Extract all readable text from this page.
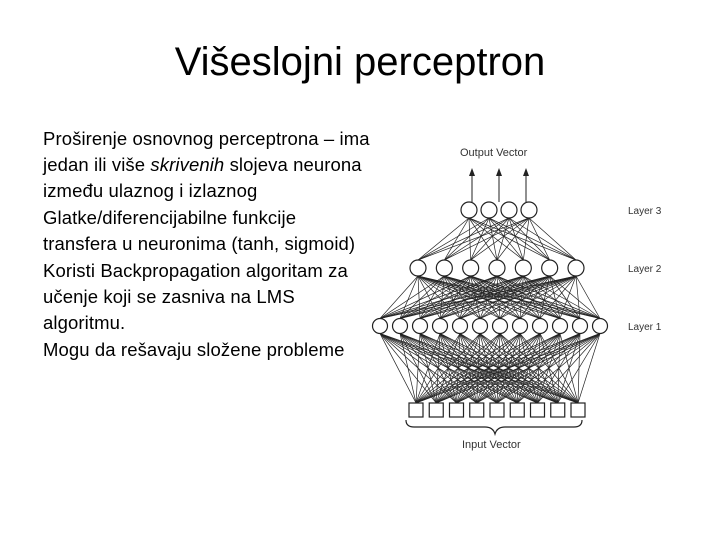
Višeslojni perceptron
Proširenje osnovnog perceptrona – ima jedan ili više skrivenih slojeva neurona između ulaznog i izlaznog
Glatke/diferencijabilne funkcije transfera u neuronima (tanh, sigmoid)
Koristi Backpropagation algoritam za učenje koji se zasniva na LMS algoritmu.
Mogu da rešavaju složene probleme
Output Vector
Input Vector
Layer 3
Layer 2
Layer 1
